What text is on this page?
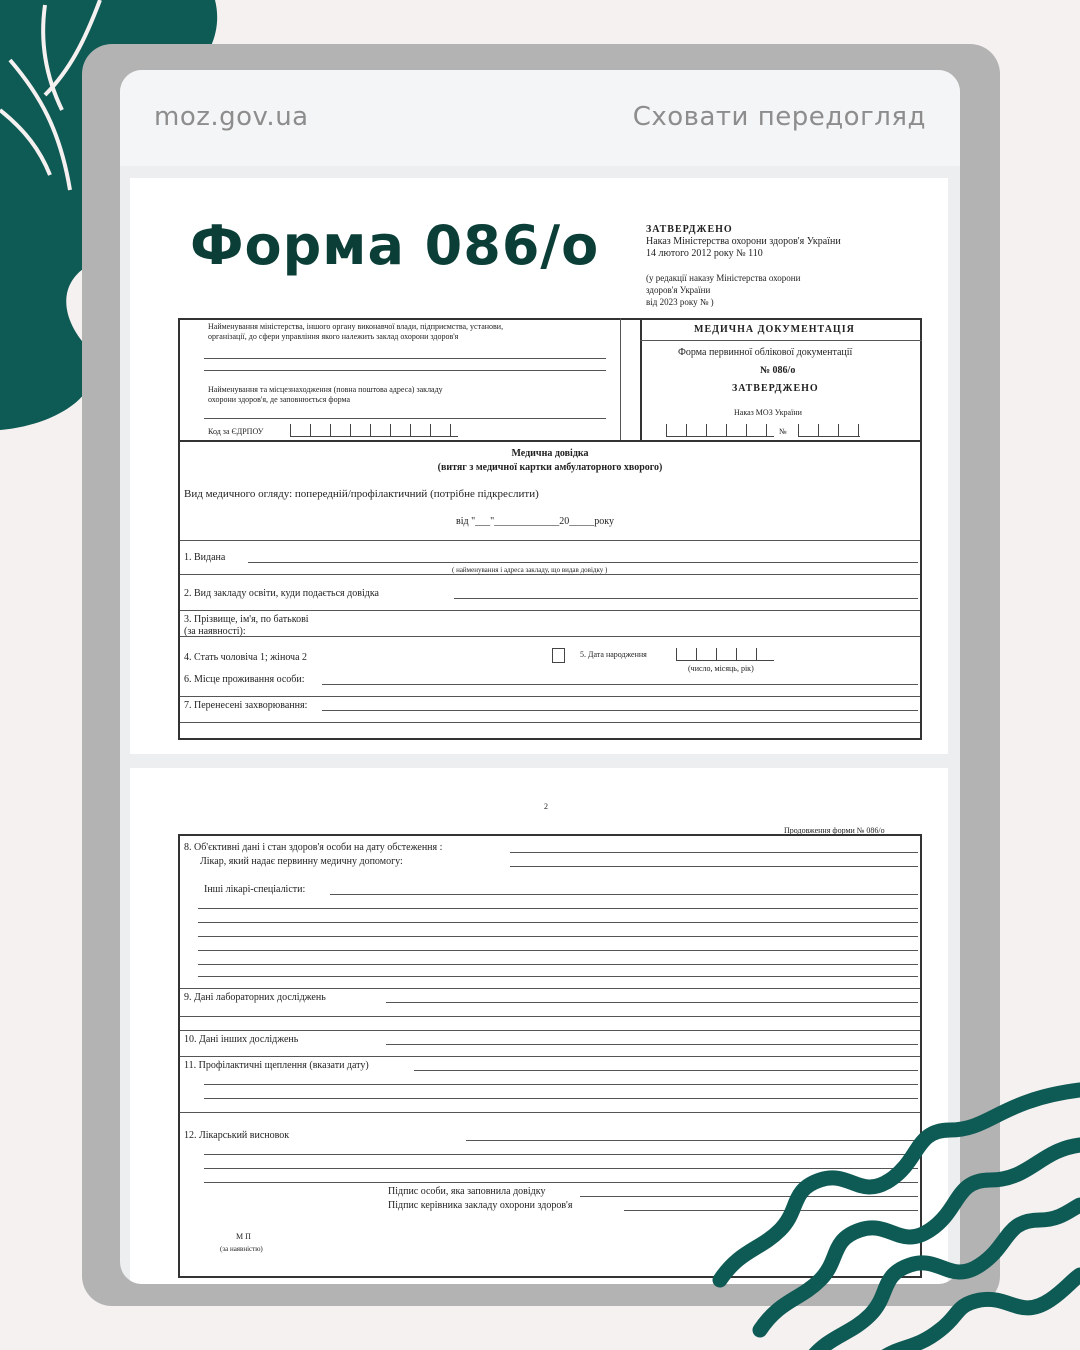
moz.gov.ua	Сховати передогляд
Форма 086/о	ЗАТВЕРДЖЕНО
Наказ Міністерства охорони здоров'я України
14 лютого 2012 року № 110
(у редакції наказу Міністерства охорони
здоров'я України
від 2023 року № )
Найменування міністерства, іншого органу виконавчої влади, підприємства, установи,
організації, до сфери управління якого належить заклад охорони здоров'я
Найменування та місцезнаходження (повна поштова адреса) закладу
охорони здоров'я, де заповнюється форма
Код за ЄДРПОУ
МЕДИЧНА ДОКУМЕНТАЦІЯ
Форма первинної облікової документації
№ 086/о
ЗАТВЕРДЖЕНО
Наказ МОЗ України
№
Медична довідка
(витяг з медичної картки амбулаторного хворого)
Вид медичного огляду: попередній/профілактичний (потрібне підкреслити)
від "___"_____________20_____року
1. Видана
( найменування і адреса закладу, що видав довідку )
2. Вид закладу освіти, куди подається довідка
3. Прізвище, ім'я, по батькові
(за наявності):
4. Стать чоловіча 1; жіноча 2	5. Дата народження
(число, місяць, рік)
6. Місце проживання особи:
7. Перенесені захворювання:
2
Продовження форми № 086/о
8. Об'єктивні дані і стан здоров'я особи на дату обстеження :
Лікар, який надає первинну медичну допомогу:
Інші лікарі-спеціалісти:
9. Дані лабораторних досліджень
10. Дані інших досліджень
11. Профілактичні щеплення (вказати дату)
12. Лікарський висновок
Підпис особи, яка заповнила довідку
Підпис керівника закладу охорони здоров'я
М П
(за наявністю)
